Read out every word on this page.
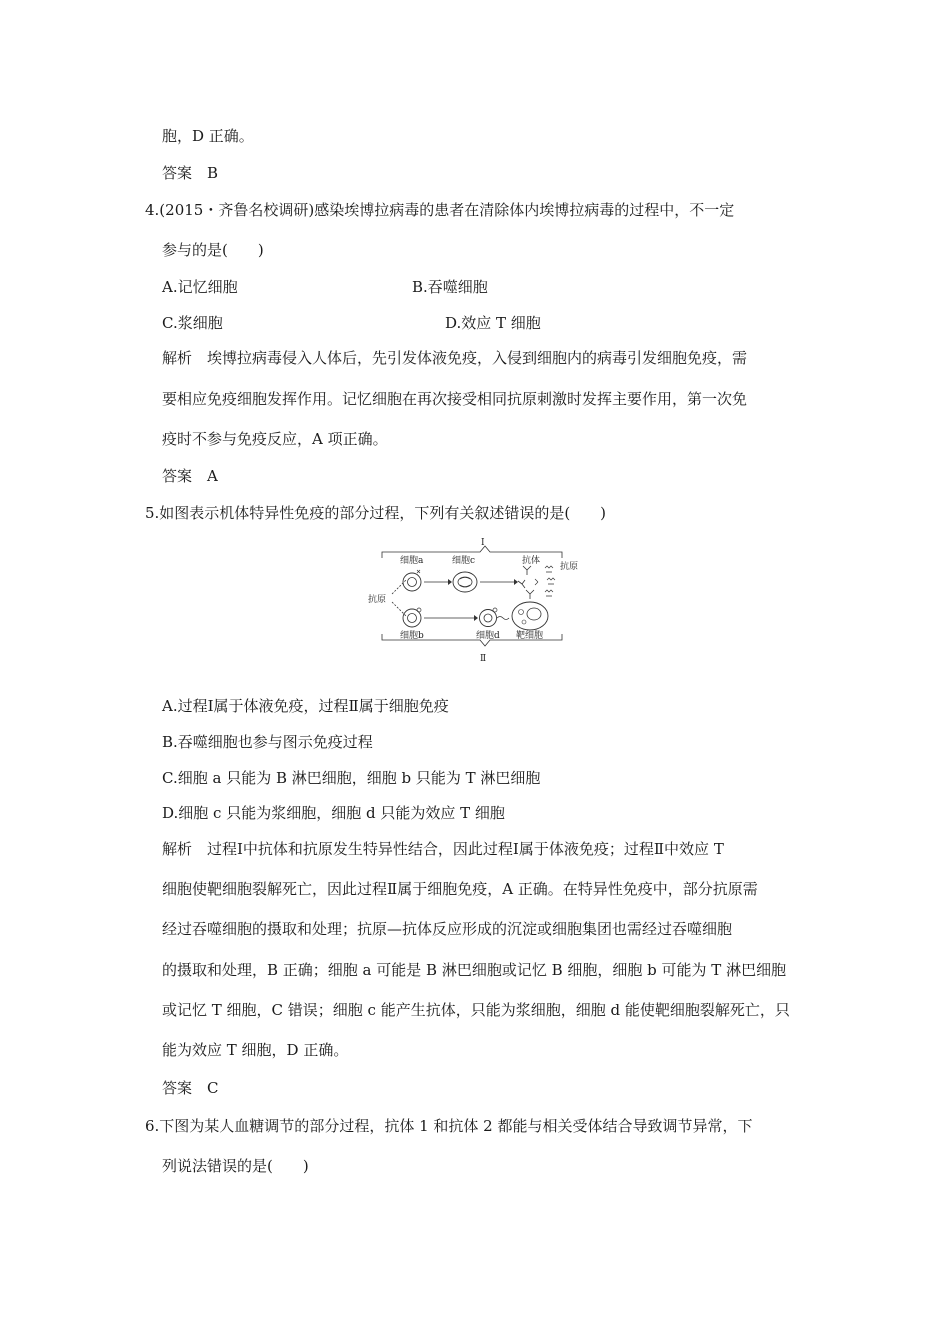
胞，D 正确。
答案　B
4.(2015・齐鲁名校调研)感染埃博拉病毒的患者在清除体内埃博拉病毒的过程中，不一定
参与的是(　　)
A.记忆细胞	B.吞噬细胞
C.浆细胞	D.效应 T 细胞
解析　埃博拉病毒侵入人体后，先引发体液免疫，入侵到细胞内的病毒引发细胞免疫，需
要相应免疫细胞发挥作用。记忆细胞在再次接受相同抗原刺激时发挥主要作用，第一次免
疫时不参与免疫反应，A 项正确。
答案　A
5.如图表示机体特异性免疫的部分过程，下列有关叙述错误的是(　　)
Ⅰ
Ⅱ
抗原
细胞a	细胞c	抗体
抗原
细胞b	细胞d 靶细胞
A.过程Ⅰ属于体液免疫，过程Ⅱ属于细胞免疫
B.吞噬细胞也参与图示免疫过程
C.细胞 a 只能为 B 淋巴细胞，细胞 b 只能为 T 淋巴细胞
D.细胞 c 只能为浆细胞，细胞 d 只能为效应 T 细胞
解析　过程Ⅰ中抗体和抗原发生特异性结合，因此过程Ⅰ属于体液免疫；过程Ⅱ中效应 T
细胞使靶细胞裂解死亡，因此过程Ⅱ属于细胞免疫，A 正确。在特异性免疫中，部分抗原需
经过吞噬细胞的摄取和处理；抗原—抗体反应形成的沉淀或细胞集团也需经过吞噬细胞
的摄取和处理，B 正确；细胞 a 可能是 B 淋巴细胞或记忆 B 细胞，细胞 b 可能为 T 淋巴细胞
或记忆 T 细胞，C 错误；细胞 c 能产生抗体，只能为浆细胞，细胞 d 能使靶细胞裂解死亡，只
能为效应 T 细胞，D 正确。
答案　C
6.下图为某人血糖调节的部分过程，抗体 1 和抗体 2 都能与相关受体结合导致调节异常，下
列说法错误的是(　　)
